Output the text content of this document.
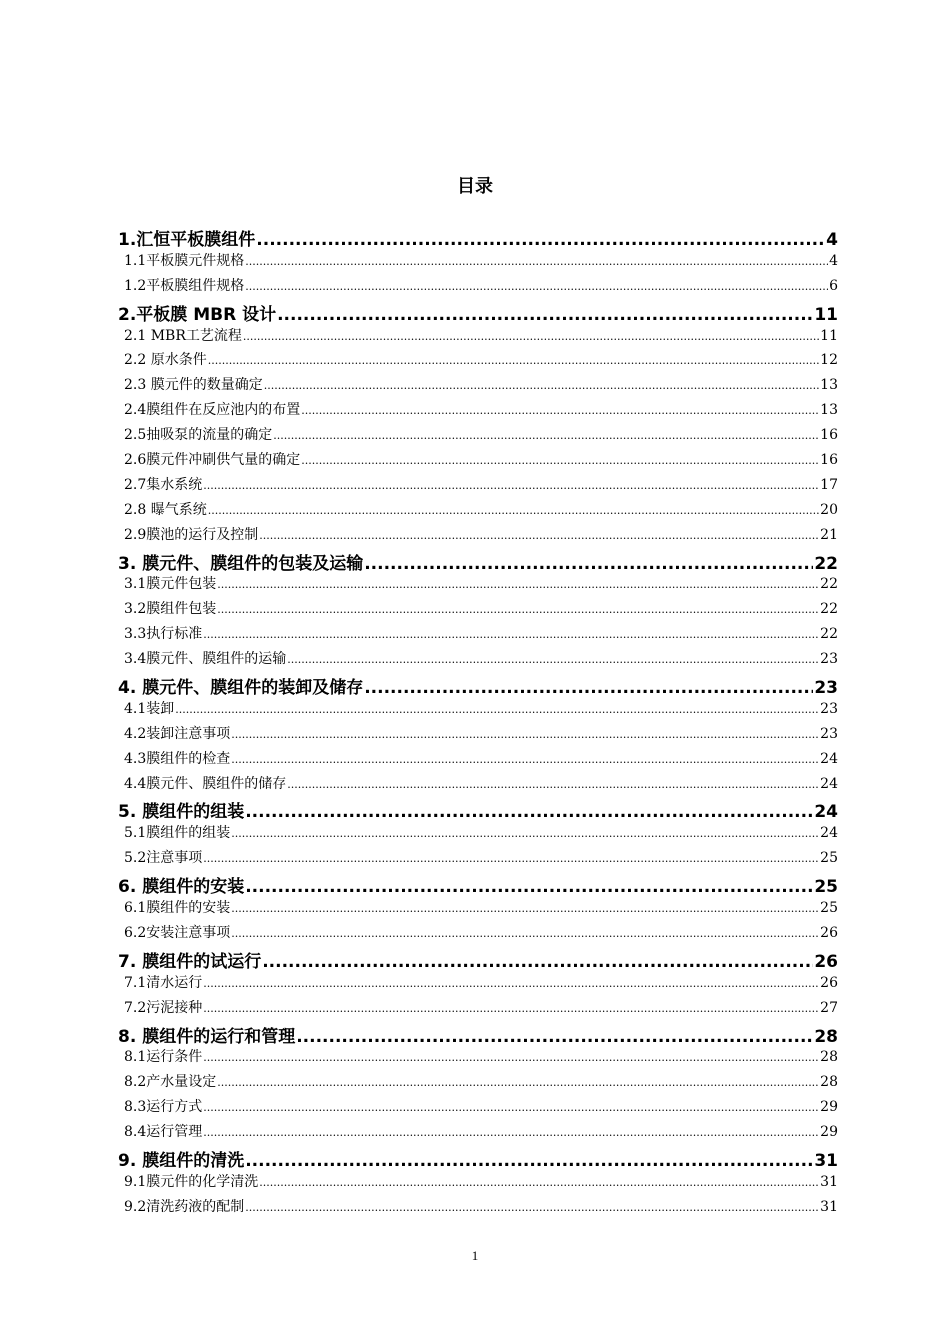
目录
1.汇恒平板膜组件 .....	4
1.1平板膜元件规格 .....	4
1.2平板膜组件规格 .....	6
2.平板膜 MBR 设计 .....	11
2.1 MBR工艺流程 .....	11
2.2 原水条件 .....	12
2.3 膜元件的数量确定 .....	13
2.4膜组件在反应池内的布置 .....	13
2.5抽吸泵的流量的确定 .....	16
2.6膜元件冲刷供气量的确定 .....	16
2.7集水系统 .....	17
2.8 曝气系统 .....	20
2.9膜池的运行及控制 .....	21
3. 膜元件、膜组件的包装及运输 .....	22
3.1膜元件包装 .....	22
3.2膜组件包装 .....	22
3.3执行标准 .....	22
3.4膜元件、膜组件的运输 .....	23
4. 膜元件、膜组件的装卸及储存 .....	23
4.1装卸 .....	23
4.2装卸注意事项 .....	23
4.3膜组件的检查 .....	24
4.4膜元件、膜组件的储存 .....	24
5. 膜组件的组装 .....	24
5.1膜组件的组装 .....	24
5.2注意事项 .....	25
6. 膜组件的安装 .....	25
6.1膜组件的安装 .....	25
6.2安装注意事项 .....	26
7. 膜组件的试运行 .....	26
7.1清水运行 .....	26
7.2污泥接种 .....	27
8. 膜组件的运行和管理 .....	28
8.1运行条件 .....	28
8.2产水量设定 .....	28
8.3运行方式 .....	29
8.4运行管理 .....	29
9. 膜组件的清洗 .....	31
9.1膜元件的化学清洗 .....	31
9.2清洗药液的配制 .....	31
1
